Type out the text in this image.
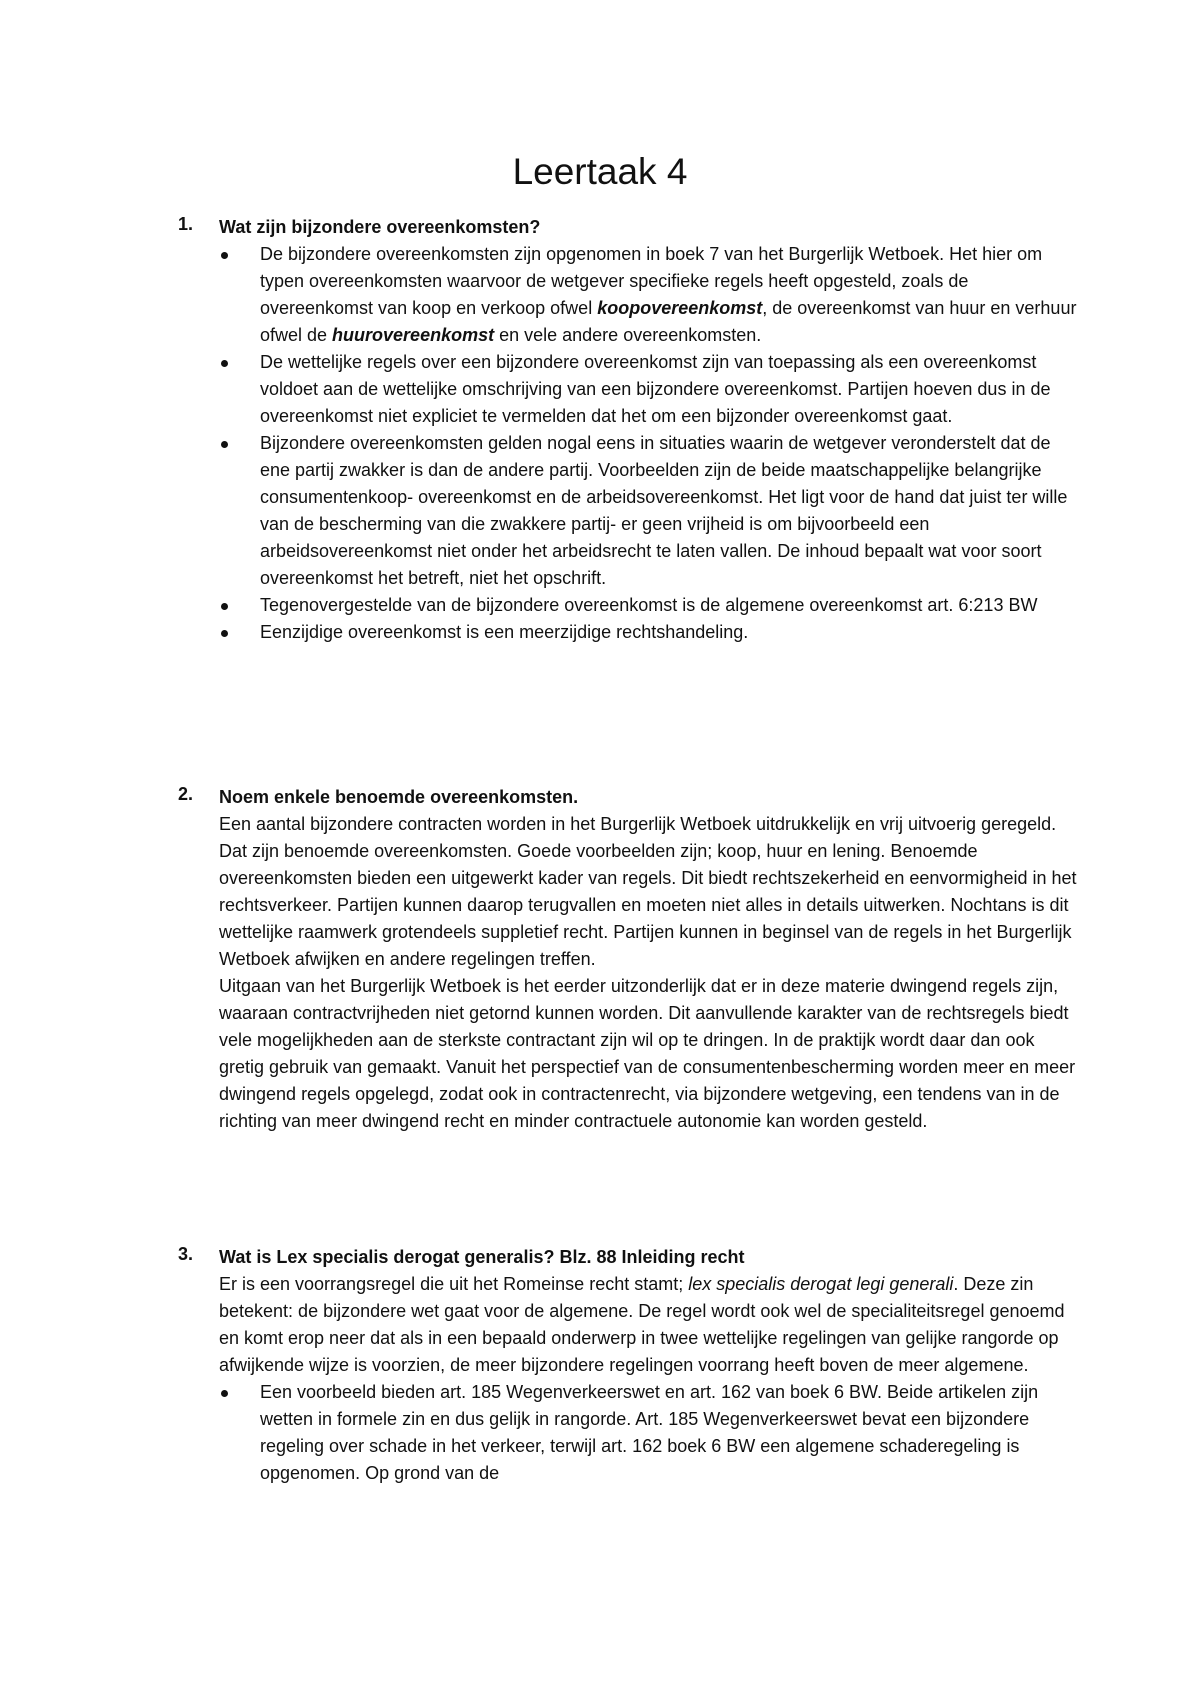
Leertaak 4
1. Wat zijn bijzondere overeenkomsten?
De bijzondere overeenkomsten zijn opgenomen in boek 7 van het Burgerlijk Wetboek. Het hier om typen overeenkomsten waarvoor de wetgever specifieke regels heeft opgesteld, zoals de overeenkomst van koop en verkoop ofwel koopovereenkomst, de overeenkomst van huur en verhuur ofwel de huurovereenkomst en vele andere overeenkomsten.
De wettelijke regels over een bijzondere overeenkomst zijn van toepassing als een overeenkomst voldoet aan de wettelijke omschrijving van een bijzondere overeenkomst. Partijen hoeven dus in de overeenkomst niet expliciet te vermelden dat het om een bijzonder overeenkomst gaat.
Bijzondere overeenkomsten gelden nogal eens in situaties waarin de wetgever veronderstelt dat de ene partij zwakker is dan de andere partij. Voorbeelden zijn de beide maatschappelijke belangrijke consumentenkoop- overeenkomst en de arbeidsovereenkomst. Het ligt voor de hand dat juist ter wille van de bescherming van die zwakkere partij- er geen vrijheid is om bijvoorbeeld een arbeidsovereenkomst niet onder het arbeidsrecht te laten vallen. De inhoud bepaalt wat voor soort overeenkomst het betreft, niet het opschrift.
Tegenovergestelde van de bijzondere overeenkomst is de algemene overeenkomst art. 6:213 BW
Eenzijdige overeenkomst is een meerzijdige rechtshandeling.
2. Noem enkele benoemde overeenkomsten.

Een aantal bijzondere contracten worden in het Burgerlijk Wetboek uitdrukkelijk en vrij uitvoerig geregeld. Dat zijn benoemde overeenkomsten. Goede voorbeelden zijn; koop, huur en lening. Benoemde overeenkomsten bieden een uitgewerkt kader van regels. Dit biedt rechtszekerheid en eenvormigheid in het rechtsverkeer. Partijen kunnen daarop terugvallen en moeten niet alles in details uitwerken. Nochtans is dit wettelijke raamwerk grotendeels suppletief recht. Partijen kunnen in beginsel van de regels in het Burgerlijk Wetboek afwijken en andere regelingen treffen.

Uitgaan van het Burgerlijk Wetboek is het eerder uitzonderlijk dat er in deze materie dwingend regels zijn, waaraan contractvrijheden niet getornd kunnen worden. Dit aanvullende karakter van de rechtsregels biedt vele mogelijkheden aan de sterkste contractant zijn wil op te dringen. In de praktijk wordt daar dan ook gretig gebruik van gemaakt. Vanuit het perspectief van de consumentenbescherming worden meer en meer dwingend regels opgelegd, zodat ook in contractenrecht, via bijzondere wetgeving, een tendens van in de richting van meer dwingend recht en minder contractuele autonomie kan worden gesteld.

3. Wat is Lex specialis derogat generalis? Blz. 88 Inleiding recht

Er is een voorrangsregel die uit het Romeinse recht stamt; lex specialis derogat legi generali. Deze zin betekent: de bijzondere wet gaat voor de algemene. De regel wordt ook wel de specialiteitsregel genoemd en komt erop neer dat als in een bepaald onderwerp in twee wettelijke regelingen van gelijke rangorde op afwijkende wijze is voorzien, de meer bijzondere regelingen voorrang heeft boven de meer algemene.

Een voorbeeld bieden art. 185 Wegenverkeerswet en art. 162 van boek 6 BW. Beide artikelen zijn wetten in formele zin en dus gelijk in rangorde. Art. 185 Wegenverkeerswet bevat een bijzondere regeling over schade in het verkeer, terwijl art. 162 boek 6 BW een algemene schaderegeling is opgenomen. Op grond van de
